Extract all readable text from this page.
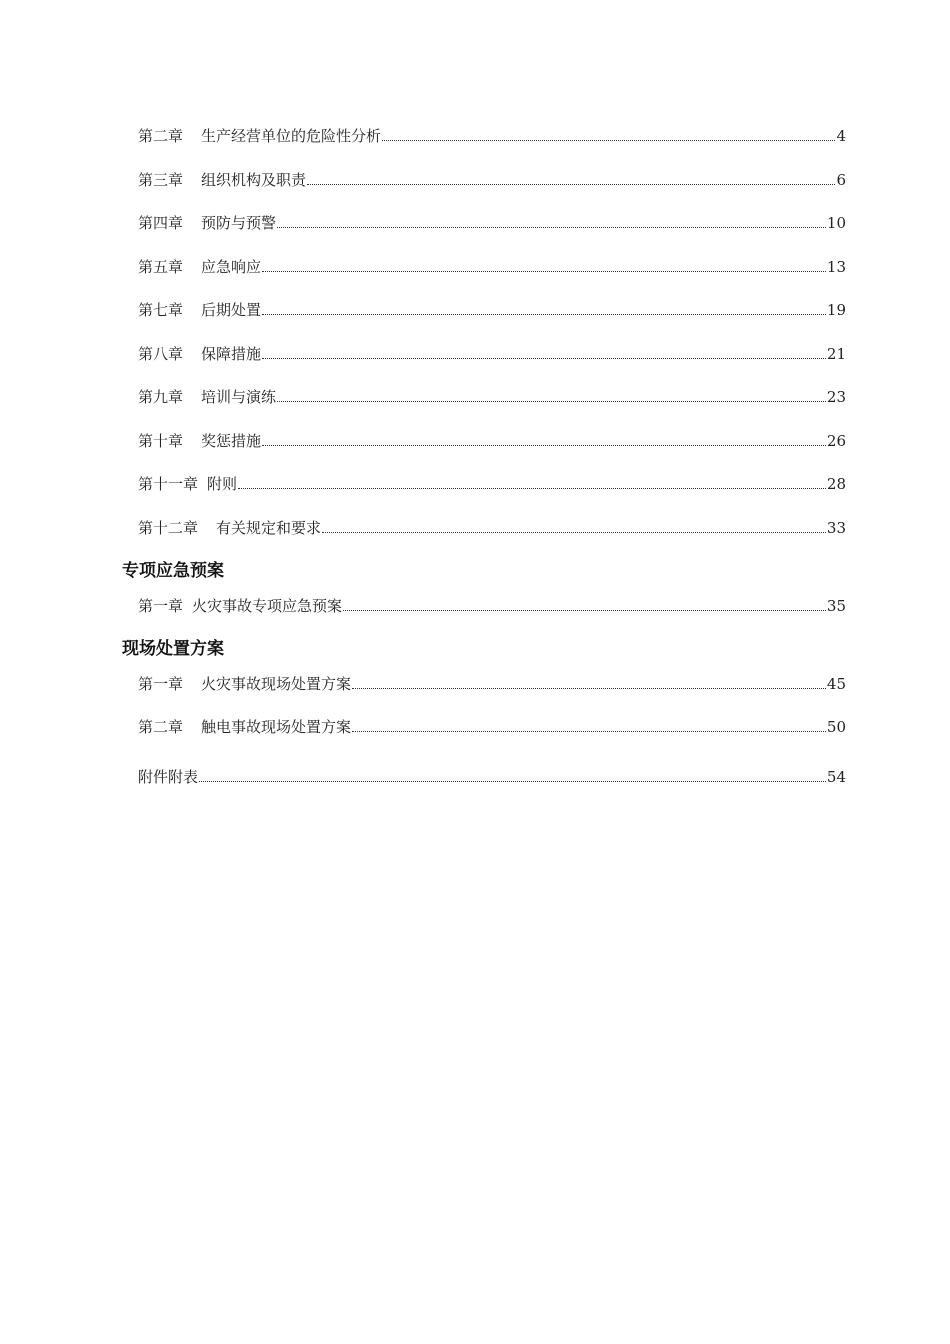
第二章 生产经营单位的危险性分析	4
第三章 组织机构及职责	6
第四章 预防与预警	10
第五章 应急响应	13
第七章 后期处置	19
第八章 保障措施	21
第九章 培训与演练	23
第十章 奖惩措施	26
第十一章 附则	28
第十二章 有关规定和要求	33
专项应急预案
第一章 火灾事故专项应急预案	35
现场处置方案
第一章 火灾事故现场处置方案	45
第二章 触电事故现场处置方案	50
附件附表	54
